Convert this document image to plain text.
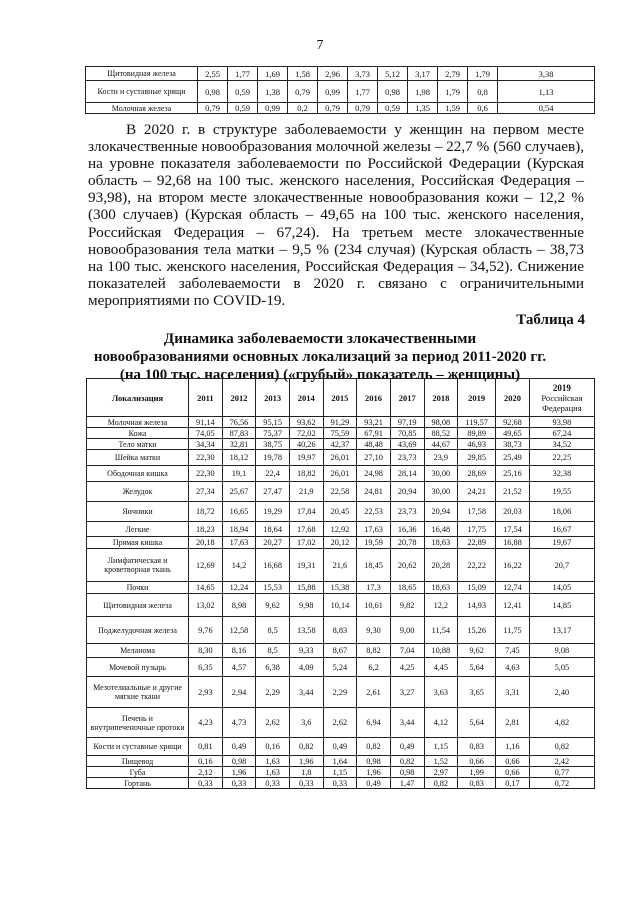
7
Щитовидная железа	2,55	1,77	1,69	1,58	2,96	3,73	5,12	3,17	2,79	1,79	3,38
Кости и суставные хрящи	0,98	0,59	1,38	0,79	0,99	1,77	0,98	1,98	1,79	0,8	1,13
Молочная железа	0,79	0,59	0,99	0,2	0,79	0,79	0,59	1,35	1,59	0,6	0,54
В 2020 г. в структуре заболеваемости у женщин на первом месте злокачественные новообразования молочной железы – 22,7 % (560 случаев), на уровне показателя заболеваемости по Российской Федерации (Курская область – 92,68 на 100 тыс. женского населения, Российская Федерация – 93,98), на втором месте злокачественные новообразования кожи – 12,2 % (300 случаев) (Курская область – 49,65 на 100 тыс. женского населения, Российская Федерация – 67,24). На третьем месте злокачественные новообразования тела матки – 9,5 % (234 случая) (Курская область – 38,73 на 100 тыс. женского населения, Российская Федерация – 34,52). Снижение показателей заболеваемости в 2020 г. связано с ограничительными мероприятиями по COVID-19.
Таблица 4
Динамика заболеваемости злокачественными
новообразованиями основных локализаций за период 2011-2020 гг.
(на 100 тыс. населения) («грубый» показатель – женщины)
Локализация	2011	2012	2013	2014	2015	2016	2017	2018	2019	2020	2019
Российская Федерация
Молочная железа	91,14	76,56	95,15	93,62	91,29	93,21	97,19	98,08	119,57	92,68	93,98
Кожа	74,05	87,83	75,37	72,02	75,59	67,91	70,85	88,52	89,89	49,65	67,24
Тело матки	34,34	32,81	38,75	40,26	42,37	48,48	43,69	44,67	46,93	38,73	34,52
Шейка матки	22,30	18,12	19,78	19,97	26,01	27,10	23,73	23,9	29,85	25,49	22,25
Ободочная кишка	22,30	19,1	22,4	18,82	26,01	24,98	28,14	30,00	28,69	25,16	32,38
Желудок	27,34	25,67	27,47	21,9	22,58	24,81	20,94	30,00	24,21	21,52	19,55
Яичники	18,72	16,65	19,29	17,84	20,45	22,53	23,73	20,94	17,58	20,03	18,06
Легкие	18,23	18,94	18,64	17,68	12,92	17,63	16,36	16,48	17,75	17,54	16,67
Прямая кишка	20,18	17,63	20,27	17,02	20,12	19,59	20,78	18,63	22,89	16,88	19,67
Лимфатическая и кроветворная ткань	12,69	14,2	16,68	19,31	21,6	18,45	20,62	20,28	22,22	16,22	20,7
Почки	14,65	12,24	15,53	15,88	15,38	17,3	18,65	18,63	15,09	12,74	14,05
Щитовидная железа	13,02	8,98	9,62	9,98	10,14	10,61	9,82	12,2	14,93	12,41	14,85
Поджелудочная железа	9,76	12,58	8,5	13,58	8,83	9,30	9,00	11,54	15,26	11,75	13,17
Меланома	8,30	8,16	8,5	9,33	8,67	8,82	7,04	10,88	9,62	7,45	9,08
Мочевой пузырь	6,35	4,57	6,38	4,09	5,24	6,2	4,25	4,45	5,64	4,63	5,05
Мезотелиальные и другие мягкие ткани	2,93	2,94	2,29	3,44	2,29	2,61	3,27	3,63	3,65	3,31	2,40
Печень и внутрипеченочные протоки	4,23	4,73	2,62	3,6	2,62	6,94	3,44	4,12	5,64	2,81	4,82
Кости и суставные хрящи	0,81	0,49	0,16	0,82	0,49	0,82	0,49	1,15	0,83	1,16	0,82
Пищевод	0,16	0,98	1,63	1,96	1,64	0,98	0,82	1,52	0,66	0,66	2,42
Губа	2,12	1,96	1,63	1,8	1,15	1,96	0,98	2,97	1,99	0,66	0,77
Гортань	0,33	0,33	0,33	0,33	0,33	0,49	1,47	0,82	0,83	0,17	0,72
